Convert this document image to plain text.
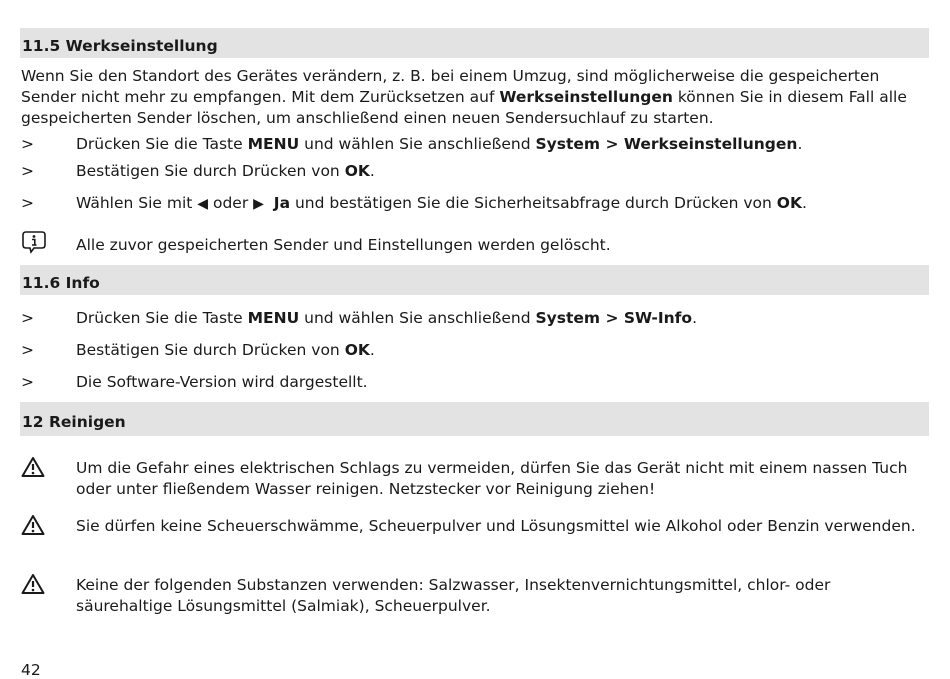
11.5 Werkseinstellung
Wenn Sie den Standort des Gerätes verändern, z. B. bei einem Umzug, sind möglicherweise die gespeicherten Sender nicht mehr zu empfangen. Mit dem Zurücksetzen auf Werkseinstellungen können Sie in diesem Fall alle gespeicherten Sender löschen, um anschließend einen neuen Sendersuchlauf zu starten.
>	Drücken Sie die Taste MENU und wählen Sie anschließend System > Werkseinstellungen.
>	Bestätigen Sie durch Drücken von OK.
>	Wählen Sie mit ◀ oder ▶ Ja und bestätigen Sie die Sicherheitsabfrage durch Drücken von OK.
Alle zuvor gespeicherten Sender und Einstellungen werden gelöscht.
11.6 Info
>	Drücken Sie die Taste MENU und wählen Sie anschließend System > SW-Info.
>	Bestätigen Sie durch Drücken von OK.
>	Die Software-Version wird dargestellt.
12 Reinigen
Um die Gefahr eines elektrischen Schlags zu vermeiden, dürfen Sie das Gerät nicht mit einem nassen Tuch oder unter fließendem Wasser reinigen. Netzstecker vor Reinigung ziehen!
Sie dürfen keine Scheuerschwämme, Scheuerpulver und Lösungsmittel wie Alkohol oder Benzin verwenden.
Keine der folgenden Substanzen verwenden: Salzwasser, Insektenvernichtungsmittel, chlor- oder säurehaltige Lösungsmittel (Salmiak), Scheuerpulver.
42
